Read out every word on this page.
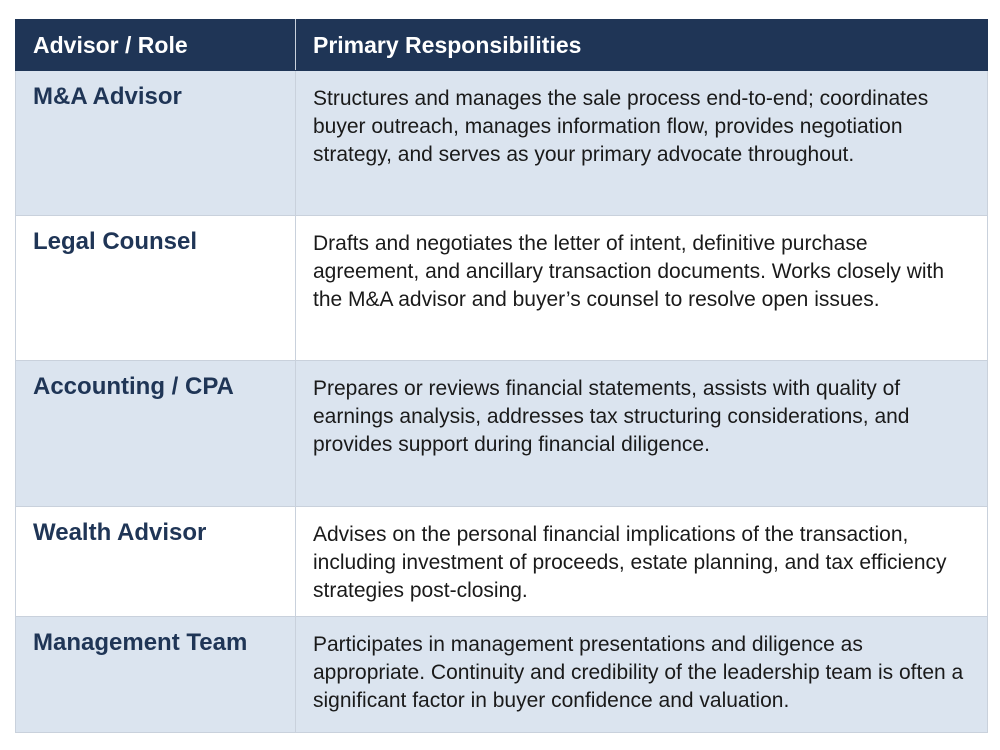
Advisor / Role	Primary Responsibilities
M&A Advisor	Structures and manages the sale process end-to-end; coordinates buyer outreach, manages information flow, provides negotiation strategy, and serves as your primary advocate throughout.
Legal Counsel	Drafts and negotiates the letter of intent, definitive purchase agreement, and ancillary transaction documents. Works closely with the M&A advisor and buyer’s counsel to resolve open issues.
Accounting / CPA	Prepares or reviews financial statements, assists with quality of earnings analysis, addresses tax structuring considerations, and provides support during financial diligence.
Wealth Advisor	Advises on the personal financial implications of the transaction, including investment of proceeds, estate planning, and tax efficiency strategies post-closing.
Management Team	Participates in management presentations and diligence as appropriate. Continuity and credibility of the leadership team is often a significant factor in buyer confidence and valuation.
